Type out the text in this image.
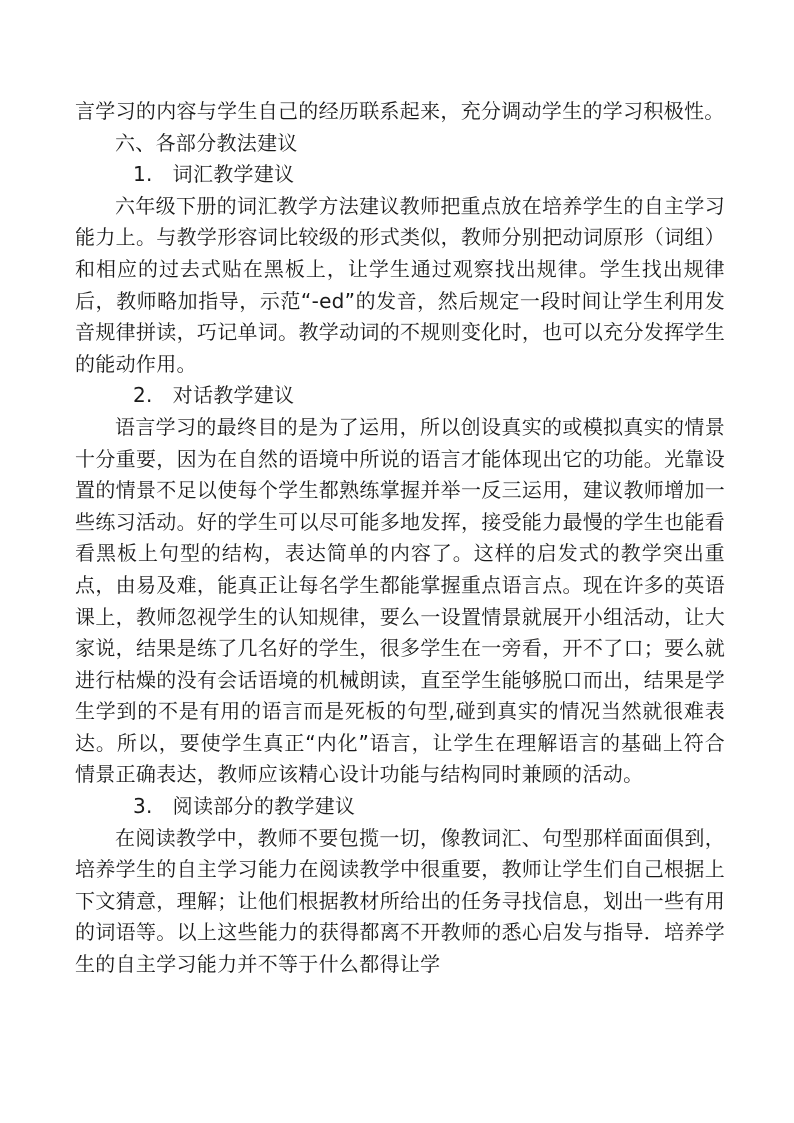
言学习的内容与学生自己的经历联系起来，充分调动学生的学习积极性。

六、各部分教法建议

1.   词汇教学建议

六年级下册的词汇教学方法建议教师把重点放在培养学生的自主学习能力上。与教学形容词比较级的形式类似，教师分别把动词原形（词组）和相应的过去式贴在黑板上，让学生通过观察找出规律。学生找出规律后，教师略加指导，示范“-ed”的发音，然后规定一段时间让学生利用发音规律拼读，巧记单词。教学动词的不规则变化时，也可以充分发挥学生的能动作用。

2.   对话教学建议

语言学习的最终目的是为了运用，所以创设真实的或模拟真实的情景十分重要，因为在自然的语境中所说的语言才能体现出它的功能。光靠设置的情景不足以使每个学生都熟练掌握并举一反三运用，建议教师增加一些练习活动。好的学生可以尽可能多地发挥，接受能力最慢的学生也能看看黑板上句型的结构，表达简单的内容了。这样的启发式的教学突出重点，由易及难，能真正让每名学生都能掌握重点语言点。现在许多的英语课上，教师忽视学生的认知规律，要么一设置情景就展开小组活动，让大家说，结果是练了几名好的学生，很多学生在一旁看，开不了口；要么就进行枯燥的没有会话语境的机械朗读，直至学生能够脱口而出，结果是学生学到的不是有用的语言而是死板的句型,碰到真实的情况当然就很难表达。所以，要使学生真正“内化”语言，让学生在理解语言的基础上符合情景正确表达，教师应该精心设计功能与结构同时兼顾的活动。

3.   阅读部分的教学建议

在阅读教学中，教师不要包揽一切，像教词汇、句型那样面面俱到，培养学生的自主学习能力在阅读教学中很重要，教师让学生们自己根据上下文猜意，理解；让他们根据教材所给出的任务寻找信息，划出一些有用的词语等。以上这些能力的获得都离不开教师的悉心启发与指导．培养学生的自主学习能力并不等于什么都得让学
